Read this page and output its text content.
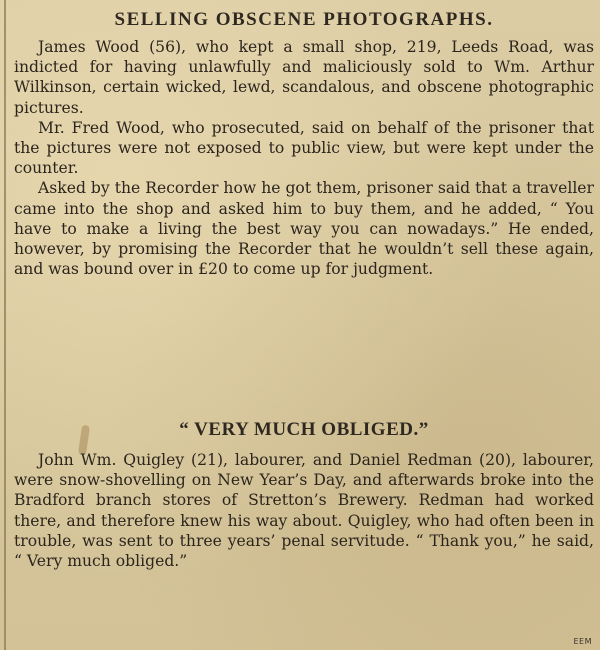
SELLING OBSCENE PHOTOGRAPHS.

James Wood (56), who kept a small shop, 219, Leeds Road, was indicted for having unlawfully and maliciously sold to Wm. Arthur Wilkinson, certain wicked, lewd, scandalous, and obscene photographic pictures.

Mr. Fred Wood, who prosecuted, said on behalf of the prisoner that the pictures were not exposed to public view, but were kept under the counter.

Asked by the Recorder how he got them, prisoner said that a traveller came into the shop and asked him to buy them, and he added, “ You have to make a living the best way you can nowadays.” He ended, however, by promising the Recorder that he wouldn’t sell these again, and was bound over in £20 to come up for judgment.

“ VERY MUCH OBLIGED.”

John Wm. Quigley (21), labourer, and Daniel Redman (20), labourer, were snow-shovelling on New Year’s Day, and afterwards broke into the Bradford branch stores of Stretton’s Brewery. Redman had worked there, and therefore knew his way about. Quigley, who had often been in trouble, was sent to three years’ penal servitude. “ Thank you,” he said, “ Very much obliged.”

EEM
